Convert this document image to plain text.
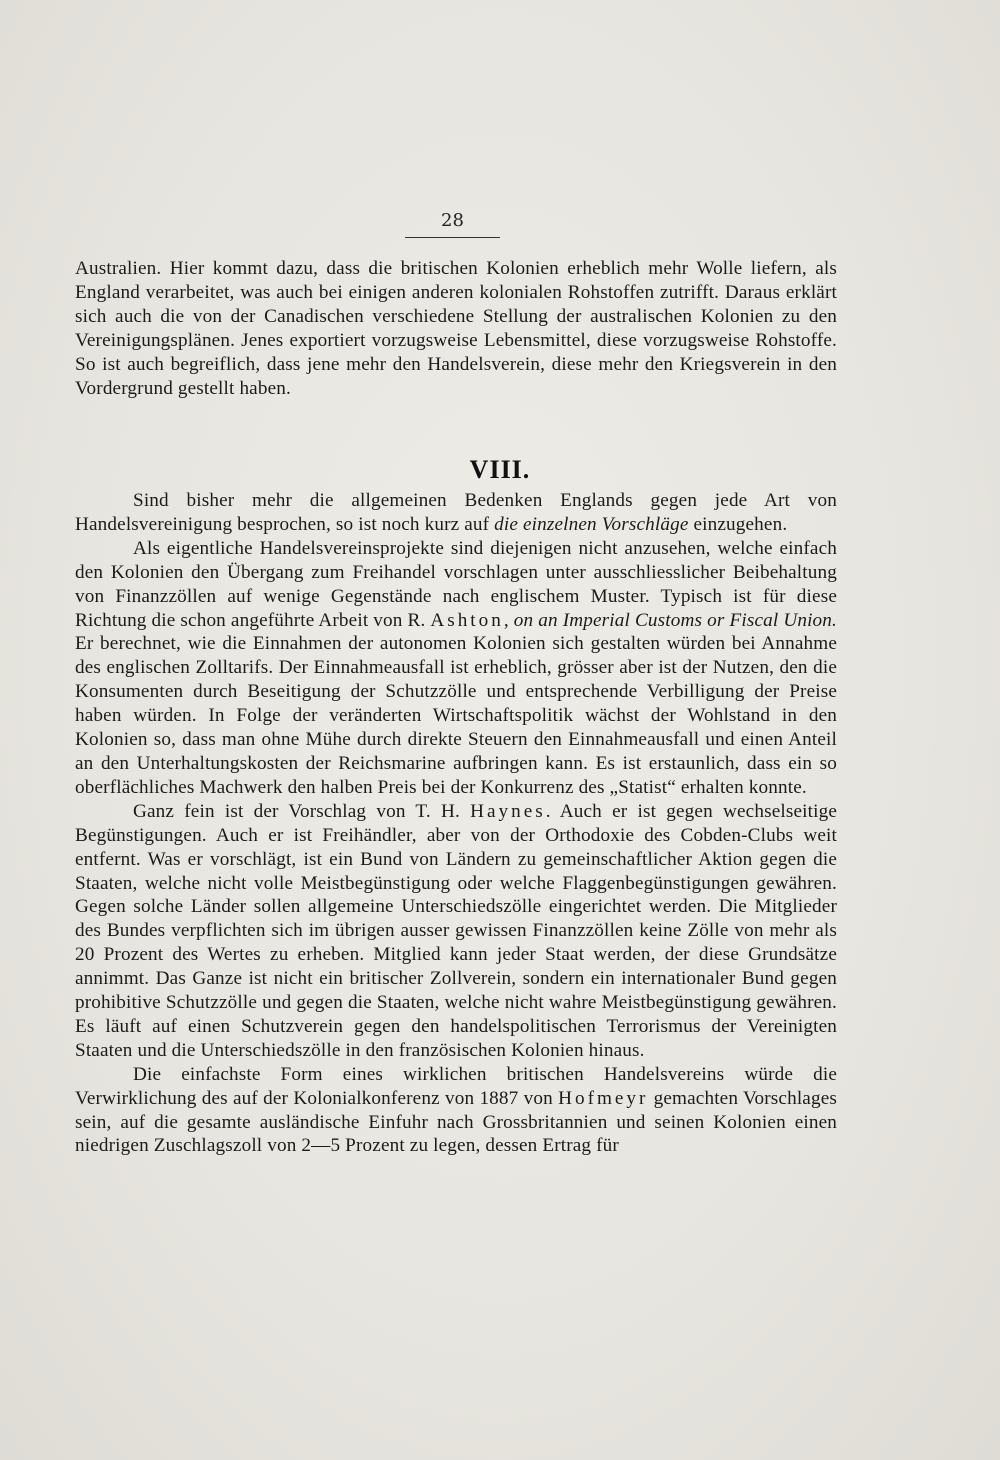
28

Australien. Hier kommt dazu, dass die britischen Kolonien erheblich mehr Wolle liefern, als England verarbeitet, was auch bei einigen anderen kolonialen Rohstoffen zutrifft. Daraus erklärt sich auch die von der Canadischen verschiedene Stellung der australischen Kolonien zu den Vereinigungsplänen. Jenes exportiert vorzugsweise Lebensmittel, diese vorzugsweise Rohstoffe. So ist auch begreiflich, dass jene mehr den Handelsverein, diese mehr den Kriegsverein in den Vordergrund gestellt haben.

VIII.

Sind bisher mehr die allgemeinen Bedenken Englands gegen jede Art von Handelsvereinigung besprochen, so ist noch kurz auf die einzelnen Vorschläge einzugehen.

Als eigentliche Handelsvereinsprojekte sind diejenigen nicht anzusehen, welche einfach den Kolonien den Übergang zum Freihandel vorschlagen unter ausschliesslicher Beibehaltung von Finanzzöllen auf wenige Gegenstände nach englischem Muster. Typisch ist für diese Richtung die schon angeführte Arbeit von R. Ashton, on an Imperial Customs or Fiscal Union. Er berechnet, wie die Einnahmen der autonomen Kolonien sich gestalten würden bei Annahme des englischen Zolltarifs. Der Einnahmeausfall ist erheblich, grösser aber ist der Nutzen, den die Konsumenten durch Beseitigung der Schutzzölle und entsprechende Verbilligung der Preise haben würden. In Folge der veränderten Wirtschaftspolitik wächst der Wohlstand in den Kolonien so, dass man ohne Mühe durch direkte Steuern den Einnahmeausfall und einen Anteil an den Unterhaltungskosten der Reichsmarine aufbringen kann. Es ist erstaunlich, dass ein so oberflächliches Machwerk den halben Preis bei der Konkurrenz des „Statist“ erhalten konnte.

Ganz fein ist der Vorschlag von T. H. Haynes. Auch er ist gegen wechselseitige Begünstigungen. Auch er ist Freihändler, aber von der Orthodoxie des Cobden-Clubs weit entfernt. Was er vorschlägt, ist ein Bund von Ländern zu gemeinschaftlicher Aktion gegen die Staaten, welche nicht volle Meistbegünstigung oder welche Flaggenbegünstigungen gewähren. Gegen solche Länder sollen allgemeine Unterschiedszölle eingerichtet werden. Die Mitglieder des Bundes verpflichten sich im übrigen ausser gewissen Finanzzöllen keine Zölle von mehr als 20 Prozent des Wertes zu erheben. Mitglied kann jeder Staat werden, der diese Grundsätze annimmt. Das Ganze ist nicht ein britischer Zollverein, sondern ein internationaler Bund gegen prohibitive Schutzzölle und gegen die Staaten, welche nicht wahre Meistbegünstigung gewähren. Es läuft auf einen Schutzverein gegen den handelspolitischen Terrorismus der Vereinigten Staaten und die Unterschiedszölle in den französischen Kolonien hinaus.

Die einfachste Form eines wirklichen britischen Handelsvereins würde die Verwirklichung des auf der Kolonialkonferenz von 1887 von Hofmeyr gemachten Vorschlages sein, auf die gesamte ausländische Einfuhr nach Grossbritannien und seinen Kolonien einen niedrigen Zuschlagszoll von 2—5 Prozent zu legen, dessen Ertrag für
